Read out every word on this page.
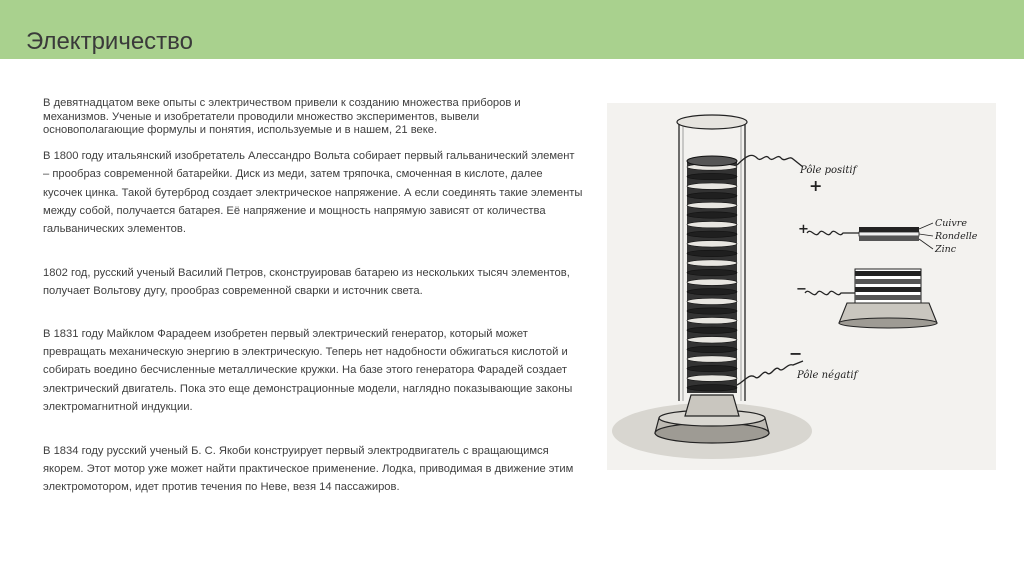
Электричество

В девятнадцатом веке опыты с электричеством привели к созданию множества приборов и механизмов. Ученые и изобретатели проводили множество экспериментов, вывели основополагающие формулы и понятия, используемые и в нашем, 21 веке.

В 1800 году итальянский изобретатель Алессандро Вольта собирает первый гальванический элемент – прообраз современной батарейки. Диск из меди, затем тряпочка, смоченная в кислоте, далее кусочек цинка. Такой бутерброд создает электрическое напряжение. А если соединять такие элементы между собой, получается батарея. Её напряжение и мощность напрямую зависят от количества гальванических элементов.

1802 год, русский ученый Василий Петров, сконструировав батарею из нескольких тысяч элементов, получает Вольтову дугу, прообраз современной сварки и источник света.

В 1831 году Майклом Фарадеем изобретен первый электрический генератор, который может превращать механическую энергию в электрическую. Теперь нет надобности обжигаться кислотой и собирать воедино бесчисленные металлические кружки. На базе этого генератора Фарадей создает электрический двигатель. Пока это еще демонстрационные модели, наглядно показывающие законы электромагнитной индукции.

В 1834 году русский ученый Б. С. Якоби конструирует первый электродвигатель с вращающимся якорем. Этот мотор уже может найти практическое применение. Лодка, приводимая в движение этим электромотором, идет против течения по Неве, везя 14 пассажиров.

Pôle positif
+
−
Pôle négatif
+	Cuivre
Rondelle
Zinc
−
